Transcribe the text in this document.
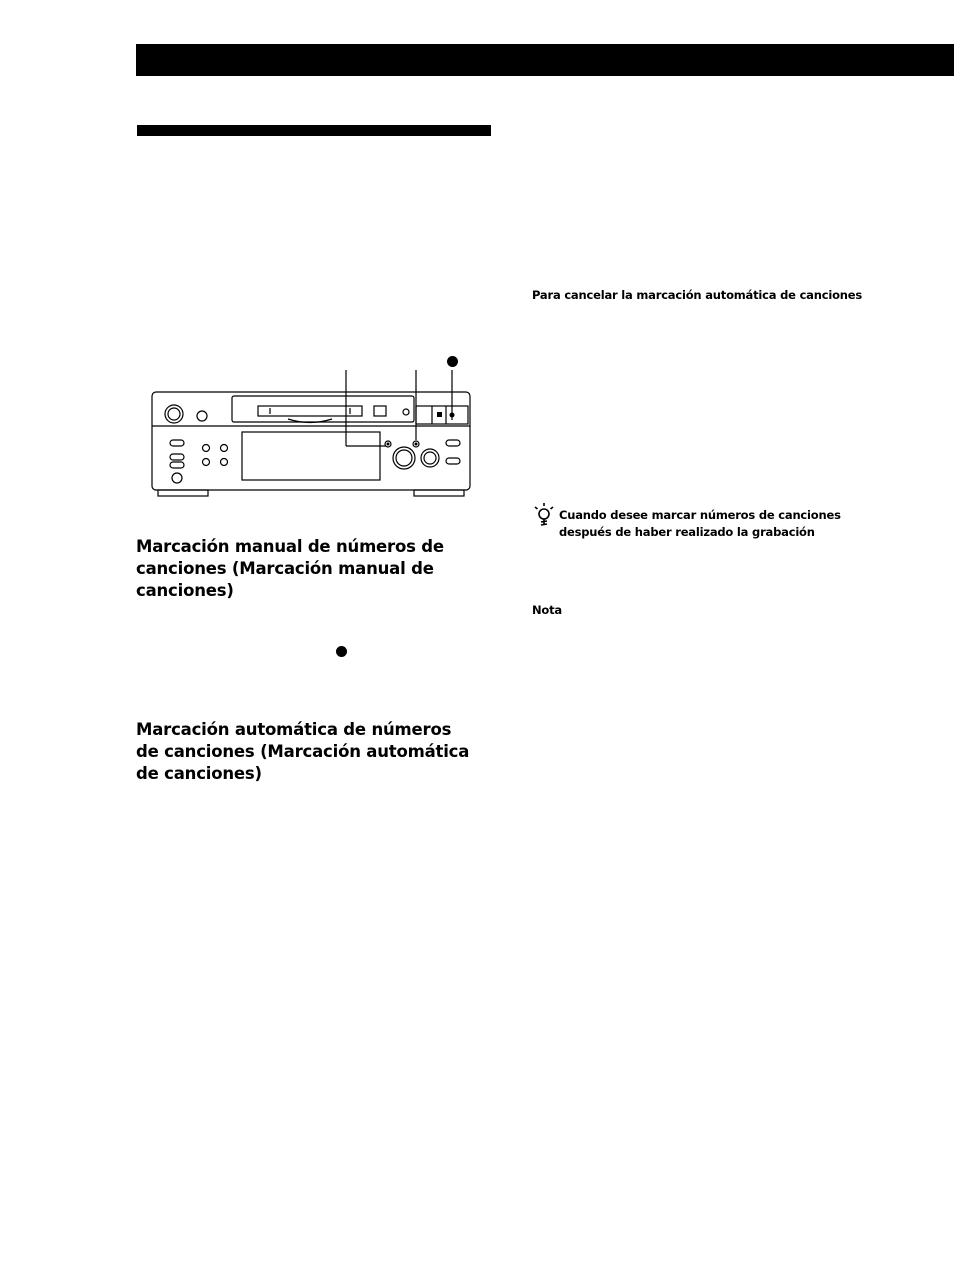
Marcación manual de números de canciones (Marcación manual de canciones)
Marcación automática de números de canciones (Marcación automática de canciones)

Para cancelar la marcación automática de canciones

Cuando desee marcar números de canciones después de haber realizado la grabación

Nota
